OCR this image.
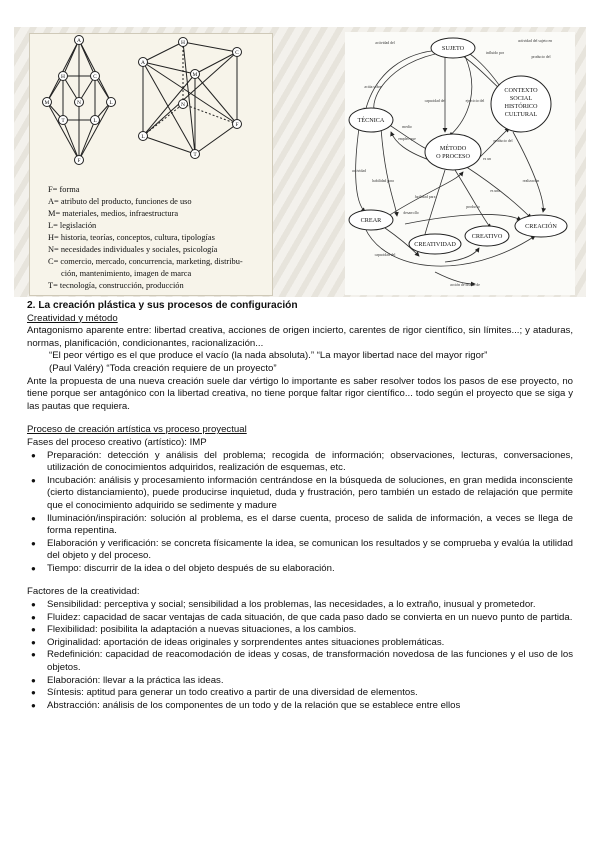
A
H	C
M	N	L
T	L
F
A
H
C
M
N
L
T
F
F= forma
A= atributo del producto, funciones de uso
M= materiales, medios, infraestructura
L= legislación
H= historia, teorías, conceptos, cultura, tipologías
N= necesidades individuales y sociales, psicología
C= comercio, mercado, concurrencia, marketing, distribu-
ción, mantenimiento, imagen de marca
T= tecnología, construcción, producción
SUJETO
CONTEXTO
SOCIAL
HISTÓRICO
CULTURAL
TÉCNICA
MÉTODO
O PROCESO
CREAR
CREATIVIDAD
CREATIVO
CREACIÓN
actividad del	actividad del sujeto en
producto del
influido por
actúa sobre
capacidad del	ejercicio del
medio
empleo que	producto del
es un
actividad
habilidad para
facilidad para
producto
desarrollo
es una
realización
capacidad del
acción de diseño de

2. La creación plástica y sus procesos de configuración

Creatividad y método

Antagonismo aparente entre: libertad creativa, acciones de origen incierto, carentes de rigor científico, sin límites...; y ataduras, normas, planificación, condicionantes, racionalización...

“El peor vértigo es el que produce el vacío (la nada absoluta).” “La mayor libertad nace del mayor rigor”

(Paul Valéry) “Toda creación requiere de un proyecto”

Ante la propuesta de una nueva creación suele dar vértigo lo importante es saber resolver todos los pasos de ese proyecto, no tiene porque ser antagónico con la libertad creativa, no tiene porque faltar rigor científico... todo según el proyecto que se siga y las pautas que requiera.

Proceso de creación artística vs proceso proyectual

Fases del proceso creativo (artístico): IMP

● Preparación: detección y análisis del problema; recogida de información; observaciones, lecturas, conversaciones, utilización de conocimientos adquiridos, realización de esquemas, etc.
● Incubación: análisis y procesamiento información centrándose en la búsqueda de soluciones, en gran medida inconsciente (cierto distanciamiento), puede producirse inquietud, duda y frustración, pero también un estado de relajación que permite que el conocimiento adquirido se sedimente y madure
● Iluminación/inspiración: solución al problema, es el darse cuenta, proceso de salida de información, a veces se llega de forma repentina.
● Elaboración y verificación: se concreta físicamente la idea, se comunican los resultados y se comprueba y evalúa la utilidad del objeto y del proceso.
● Tiempo: discurrir de la idea o del objeto después de su elaboración.

Factores de la creatividad:

● Sensibilidad: perceptiva y social; sensibilidad a los problemas, las necesidades, a lo extraño, inusual y prometedor.
● Fluidez: capacidad de sacar ventajas de cada situación, de que cada paso dado se convierta en un nuevo punto de partida.
● Flexibilidad: posibilita la adaptación a nuevas situaciones, a los cambios.
● Originalidad: aportación de ideas originales y sorprendentes antes situaciones problemáticas.
● Redefinición: capacidad de reacomodación de ideas y cosas, de transformación novedosa de las funciones y el uso de los objetos.
● Elaboración: llevar a la práctica las ideas.
● Síntesis: aptitud para generar un todo creativo a partir de una diversidad de elementos.
● Abstracción: análisis de los componentes de un todo y de la relación que se establece entre ellos
